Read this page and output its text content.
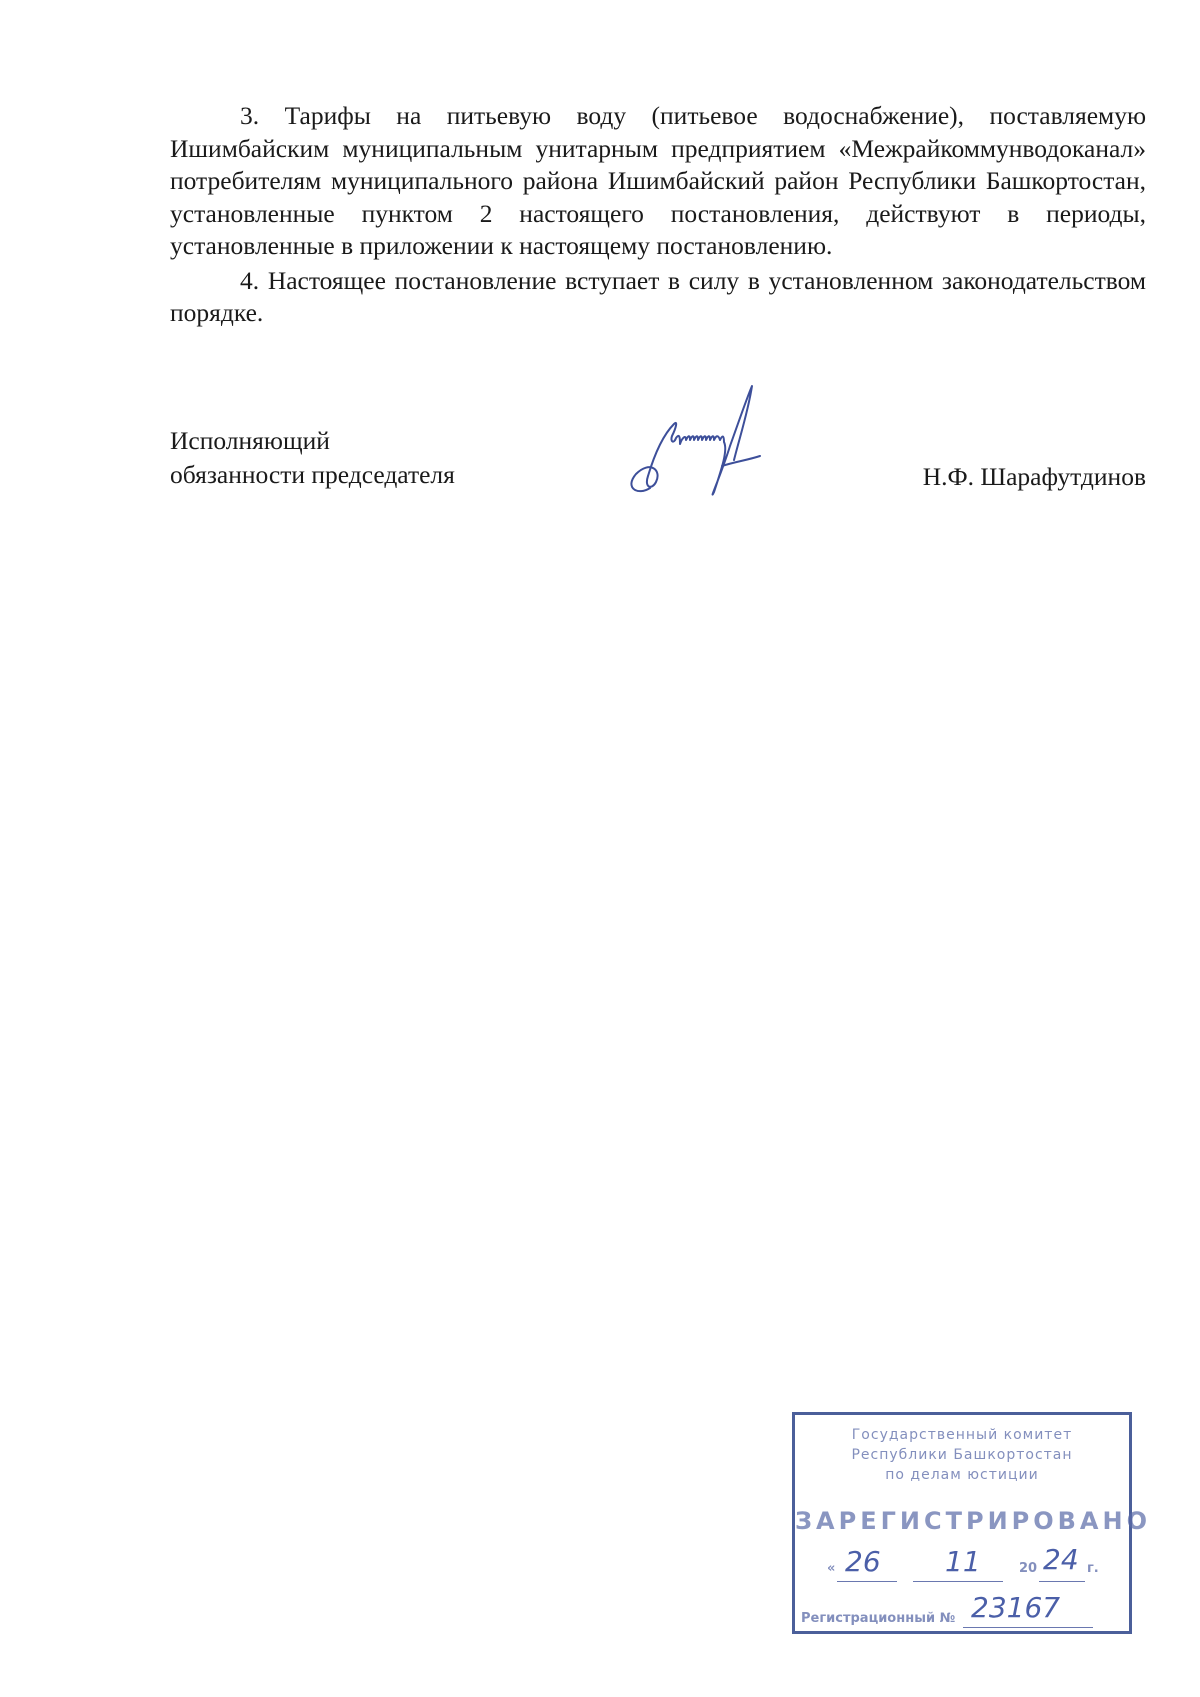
3. Тарифы на питьевую воду (питьевое водоснабжение), поставляемую Ишимбайским муниципальным унитарным предприятием «Межрайкоммунводоканал» потребителям муниципального района Ишимбайский район Республики Башкортостан, установленные пунктом 2 настоящего постановления, действуют в периоды, установленные в приложении к настоящему постановлению.

4. Настоящее постановление вступает в силу в установленном законодательством порядке.

Исполняющий
обязанности председателя	Н.Ф. Шарафутдинов
Государственный комитет
Республики Башкортостан
по делам юстиции
ЗАРЕГИСТРИРОВАНО
« 26 11	20 24 г.
Регистрационный № 23167
